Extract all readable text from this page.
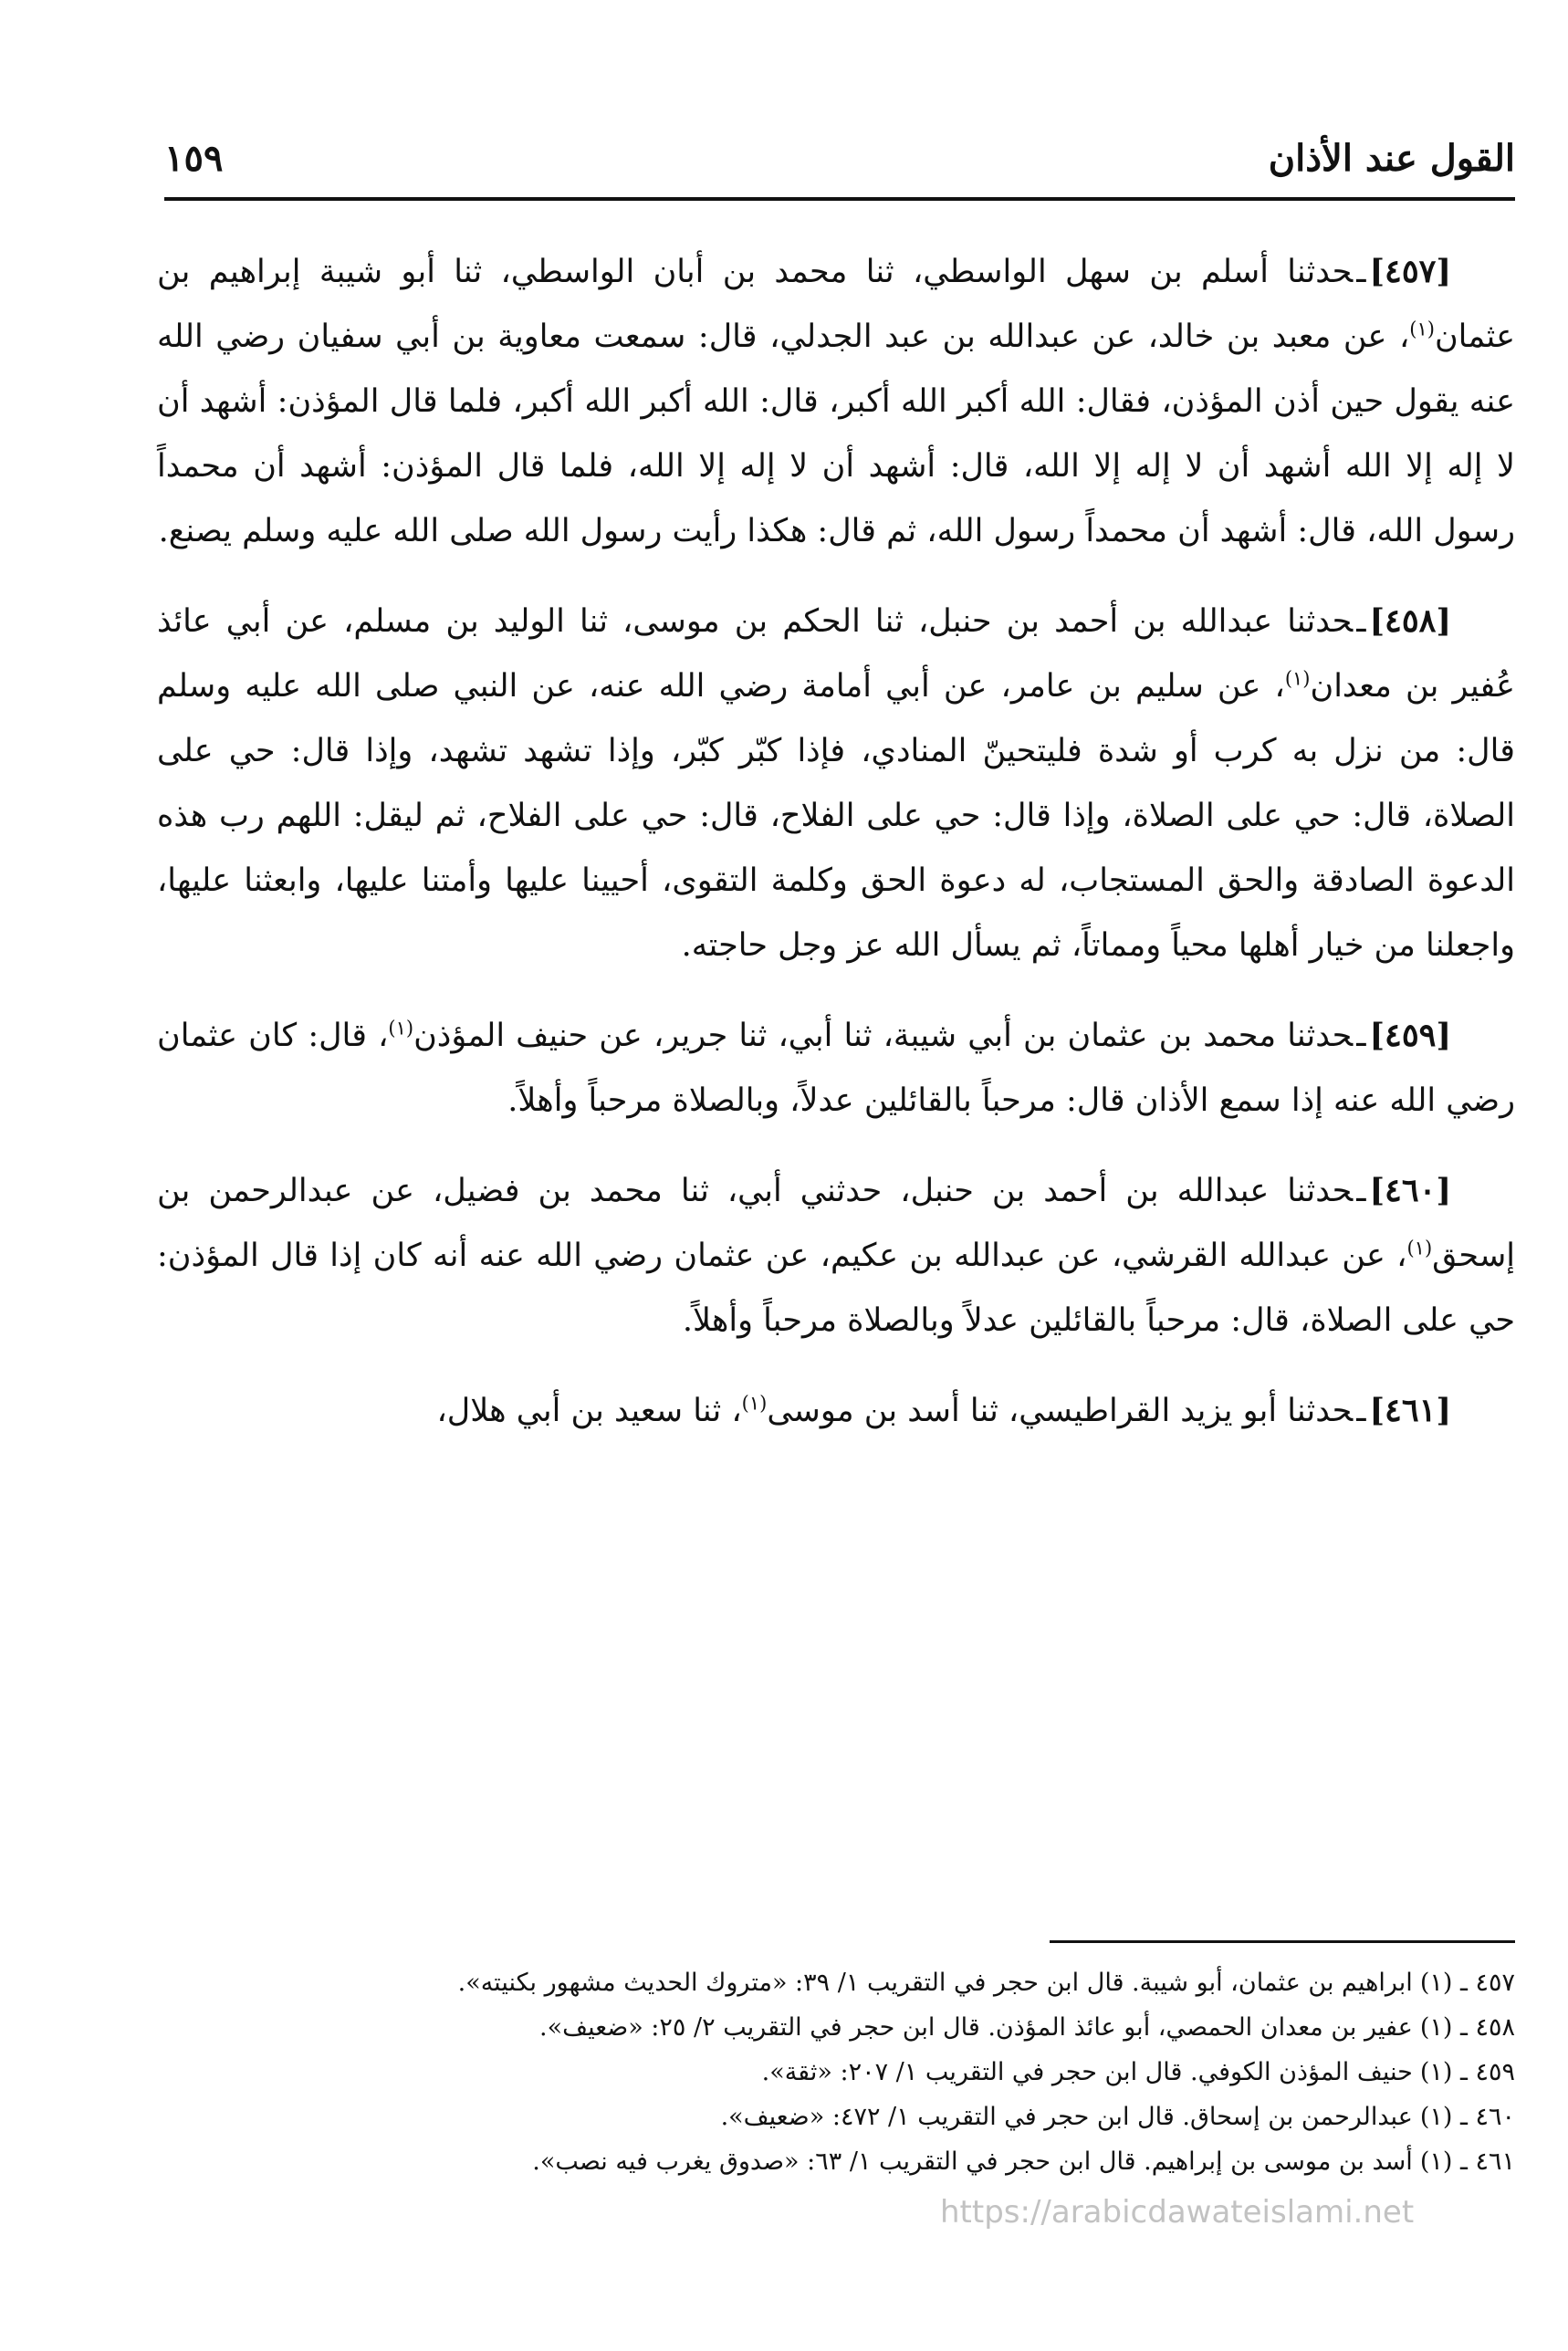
القول عند الأذان
١٥٩

[٤٥٧]ـحدثنا أسلم بن سهل الواسطي، ثنا محمد بن أبان الواسطي، ثنا أبو شيبة إبراهيم بن عثمان$^{(١)}$، عن معبد بن خالد، عن عبدالله بن عبد الجدلي، قال: سمعت معاوية بن أبي سفيان رضي الله عنه يقول حين أذن المؤذن، فقال: الله أكبر الله أكبر، قال: الله أكبر الله أكبر، فلما قال المؤذن: أشهد أن لا إله إلا الله أشهد أن لا إله إلا الله، قال: أشهد أن لا إله إلا الله، فلما قال المؤذن: أشهد أن محمداً رسول الله، قال: أشهد أن محمداً رسول الله، ثم قال: هكذا رأيت رسول الله صلى الله عليه وسلم يصنع.

[٤٥٨]ـحدثنا عبدالله بن أحمد بن حنبل، ثنا الحكم بن موسى، ثنا الوليد بن مسلم، عن أبي عائذ عُفير بن معدان$^{(١)}$، عن سليم بن عامر، عن أبي أمامة رضي الله عنه، عن النبي صلى الله عليه وسلم قال: من نزل به كرب أو شدة فليتحينّ المنادي، فإذا كبّر كبّر، وإذا تشهد تشهد، وإذا قال: حي على الصلاة، قال: حي على الصلاة، وإذا قال: حي على الفلاح، قال: حي على الفلاح، ثم ليقل: اللهم رب هذه الدعوة الصادقة والحق المستجاب، له دعوة الحق وكلمة التقوى، أحيينا عليها وأمتنا عليها، وابعثنا عليها، واجعلنا من خيار أهلها محياً ومماتاً، ثم يسأل الله عز وجل حاجته.

[٤٥٩]ـحدثنا محمد بن عثمان بن أبي شيبة، ثنا أبي، ثنا جرير، عن حنيف المؤذن$^{(١)}$، قال: كان عثمان رضي الله عنه إذا سمع الأذان قال: مرحباً بالقائلين عدلاً، وبالصلاة مرحباً وأهلاً.

[٤٦٠]ـحدثنا عبدالله بن أحمد بن حنبل، حدثني أبي، ثنا محمد بن فضيل، عن عبدالرحمن بن إسحق$^{(١)}$، عن عبدالله القرشي، عن عبدالله بن عكيم، عن عثمان رضي الله عنه أنه كان إذا قال المؤذن: حي على الصلاة، قال: مرحباً بالقائلين عدلاً وبالصلاة مرحباً وأهلاً.

[٤٦١]ـحدثنا أبو يزيد القراطيسي، ثنا أسد بن موسى$^{(١)}$، ثنا سعيد بن أبي هلال،

٤٥٧ ـ (١)ابراهيم بن عثمان، أبو شيبة. قال ابن حجر في التقريب ١/ ٣٩: «متروك الحديث مشهور بكنيته».
٤٥٨ ـ (١)عفير بن معدان الحمصي، أبو عائذ المؤذن. قال ابن حجر في التقريب ٢/ ٢٥: «ضعيف».
٤٥٩ ـ (١)حنيف المؤذن الكوفي. قال ابن حجر في التقريب ١/ ٢٠٧: «ثقة».
٤٦٠ ـ (١)عبدالرحمن بن إسحاق. قال ابن حجر في التقريب ١/ ٤٧٢: «ضعيف».
٤٦١ ـ (١)أسد بن موسى بن إبراهيم. قال ابن حجر في التقريب ١/ ٦٣: «صدوق يغرب فيه نصب».
https://arabicdawateislami.net
